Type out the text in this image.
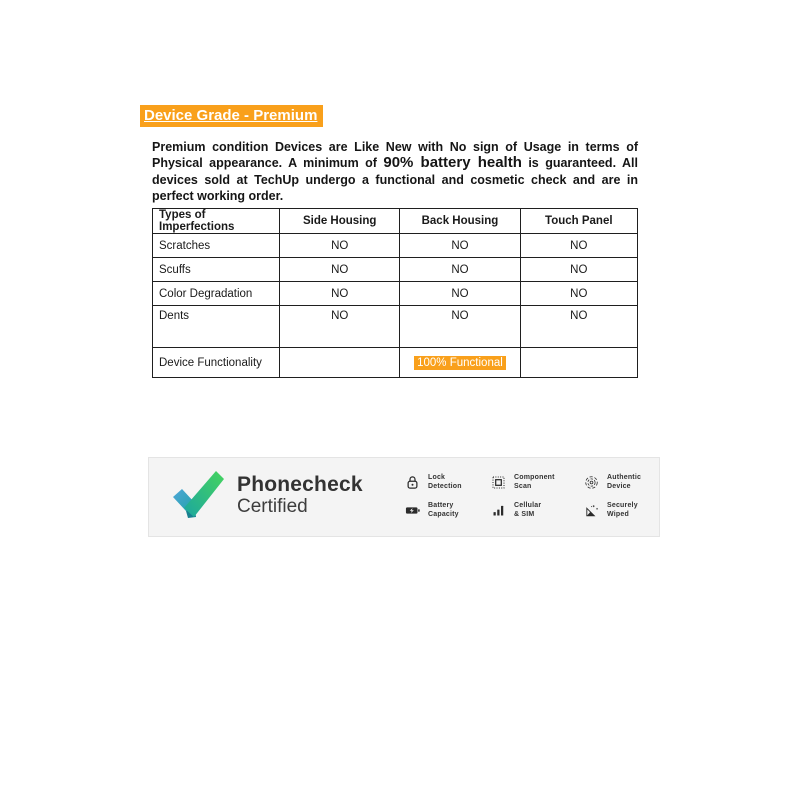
Device Grade - Premium

Premium condition Devices are Like New with No sign of Usage in terms of Physical appearance. A minimum of 90% battery health is guaranteed. All devices sold at TechUp undergo a functional and cosmetic check and are in perfect working order.

Types of Imperfections	Side Housing	Back Housing	Touch Panel
Scratches	NO	NO	NO
Scuffs	NO	NO	NO
Color Degradation	NO	NO	NO
Dents	NO	NO	NO
Device Functionality		100% Functional	
Phonecheck
Certified
Lock
Detection
Component
Scan
Authentic
Device
Battery
Capacity
Cellular
& SIM
Securely
Wiped
